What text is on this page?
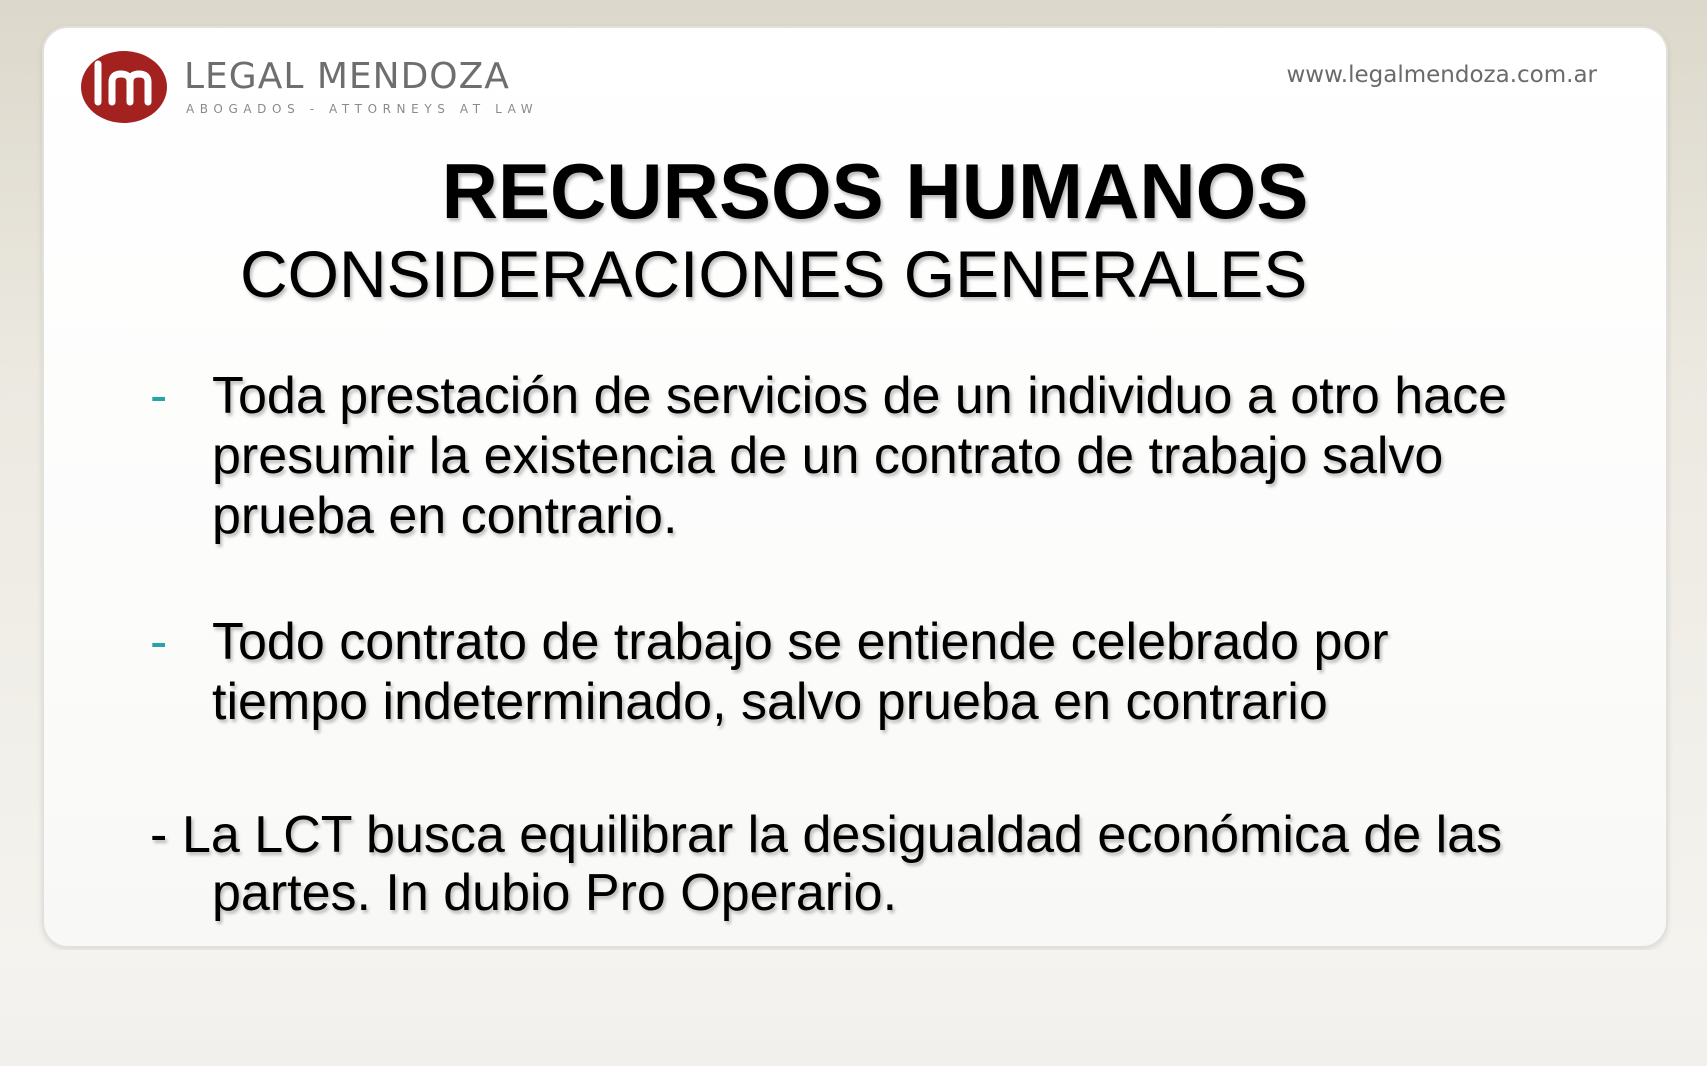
LEGAL MENDOZA
ABOGADOS - ATTORNEYS AT LAW
www.legalmendoza.com.ar
RECURSOS HUMANOS
CONSIDERACIONES GENERALES
- Toda prestación de servicios de un individuo a otro hace
presumir la existencia de un contrato de trabajo salvo
prueba en contrario.
- Todo contrato de trabajo se entiende celebrado por
tiempo indeterminado, salvo prueba en contrario
- La LCT busca equilibrar la desigualdad económica de las
partes. In dubio Pro Operario.
